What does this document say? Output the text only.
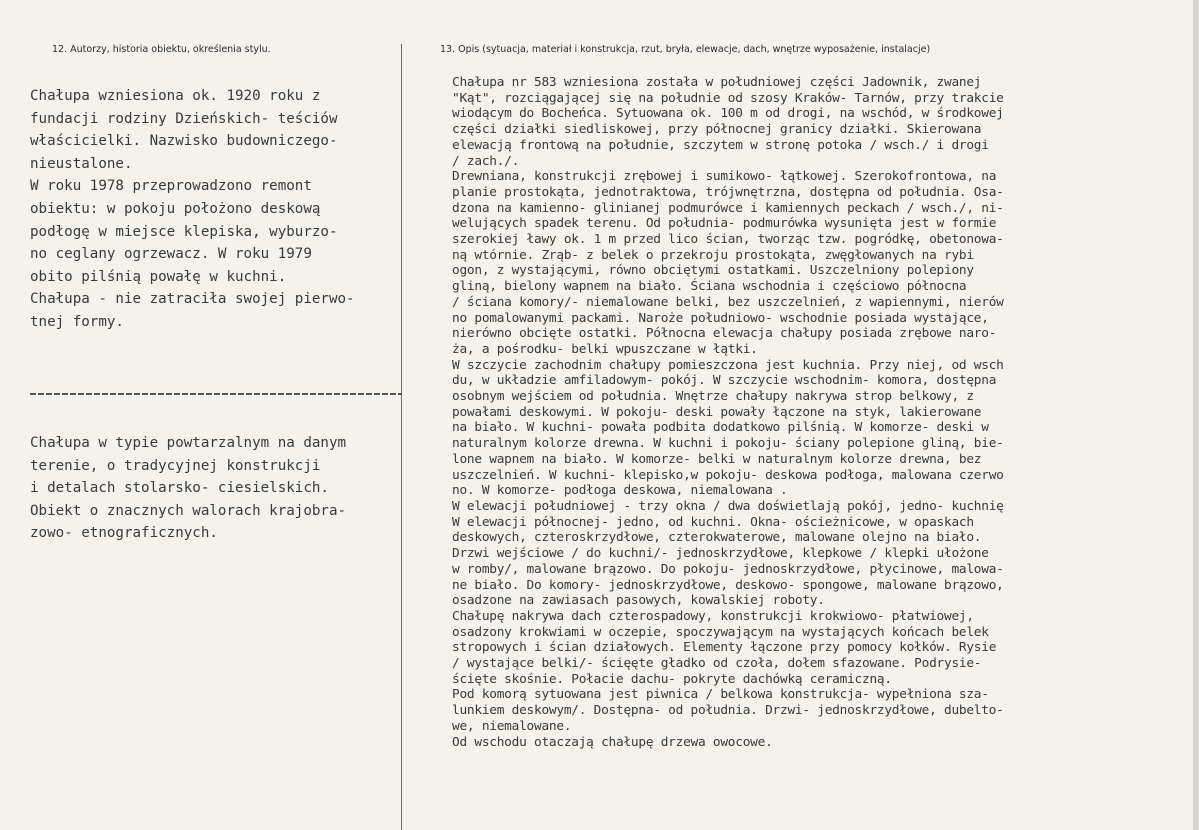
12. Autorzy, historia obiektu, określenia stylu.	13. Opis (sytuacja, materiał i konstrukcja, rzut, bryła, elewacje, dach, wnętrze wyposażenie, instalacje)
Chałupa wzniesiona ok. 1920 roku z
fundacji rodziny Dzieńskich- teściów
właścicielki. Nazwisko budowniczego-
nieustalone.
W roku 1978 przeprowadzono remont
obiektu: w pokoju położono deskową
podłogę w miejsce klepiska, wyburzo-
no ceglany ogrzewacz. W roku 1979
obito pilśnią powałę w kuchni.
Chałupa - nie zatraciła swojej pierwo-
tnej formy.
Chałupa w typie powtarzalnym na danym
terenie, o tradycyjnej konstrukcji
i detalach stolarsko- ciesielskich.
Obiekt o znacznych walorach krajobra-
zowo- etnograficznych.
Chałupa nr 583 wzniesiona została w południowej części Jadownik, zwanej
"Kąt", rozciągającej się na południe od szosy Kraków- Tarnów, przy trakcie
wiodącym do Bocheńca. Sytuowana ok. 100 m od drogi, na wschód, w środkowej
części działki siedliskowej, przy północnej granicy działki. Skierowana
elewacją frontową na południe, szczytem w stronę potoka / wsch./ i drogi
/ zach./.
Drewniana, konstrukcji zrębowej i sumikowo- łątkowej. Szerokofrontowa, na
planie prostokąta, jednotraktowa, trójwnętrzna, dostępna od południa. Osa-
dzona na kamienno- glinianej podmurówce i kamiennych peckach / wsch./, ni-
welujących spadek terenu. Od południa- podmurówka wysunięta jest w formie
szerokiej ławy ok. 1 m przed lico ścian, tworząc tzw. pogródkę, obetonowa-
ną wtórnie. Zrąb- z belek o przekroju prostokąta, zwęgłowanych na rybi
ogon, z wystającymi, równo obciętymi ostatkami. Uszczelniony polepiony
gliną, bielony wapnem na biało. Ściana wschodnia i częściowo północna
/ ściana komory/- niemalowane belki, bez uszczelnień, z wapiennymi, nierów
no pomalowanymi packami. Naroże południowo- wschodnie posiada wystające,
nierówno obcięte ostatki. Północna elewacja chałupy posiada zrębowe naro-
ża, a pośrodku- belki wpuszczane w łątki.
W szczycie zachodnim chałupy pomieszczona jest kuchnia. Przy niej, od wsch
du, w układzie amfiladowym- pokój. W szczycie wschodnim- komora, dostępna
osobnym wejściem od południa. Wnętrze chałupy nakrywa strop belkowy, z
powałami deskowymi. W pokoju- deski powały łączone na styk, lakierowane
na biało. W kuchni- powała podbita dodatkowo pilśnią. W komorze- deski w
naturalnym kolorze drewna. W kuchni i pokoju- ściany polepione gliną, bie-
lone wapnem na biało. W komorze- belki w naturalnym kolorze drewna, bez
uszczelnień. W kuchni- klepisko,w pokoju- deskowa podłoga, malowana czerwo
no. W komorze- podłoga deskowa, niemalowana .
W elewacji południowej - trzy okna / dwa doświetlają pokój, jedno- kuchnię
W elewacji północnej- jedno, od kuchni. Okna- ościeżnicowe, w opaskach
deskowych, czteroskrzydłowe, czterokwaterowe, malowane olejno na biało.
Drzwi wejściowe / do kuchni/- jednoskrzydłowe, klepkowe / klepki ułożone
w romby/, malowane brązowo. Do pokoju- jednoskrzydłowe, płycinowe, malowa-
ne biało. Do komory- jednoskrzydłowe, deskowo- spongowe, malowane brązowo,
osadzone na zawiasach pasowych, kowalskiej roboty.
Chałupę nakrywa dach czterospadowy, konstrukcji krokwiowo- płatwiowej,
osadzony krokwiami w oczepie, spoczywającym na wystających końcach belek
stropowych i ścian działowych. Elementy łączone przy pomocy kołków. Rysie
/ wystające belki/- ścięęte gładko od czoła, dołem sfazowane. Podrysie-
ścięte skośnie. Połacie dachu- pokryte dachówką ceramiczną.
Pod komorą sytuowana jest piwnica / belkowa konstrukcja- wypełniona sza-
lunkiem deskowym/. Dostępna- od południa. Drzwi- jednoskrzydłowe, dubelto-
we, niemalowane.
Od wschodu otaczają chałupę drzewa owocowe.
